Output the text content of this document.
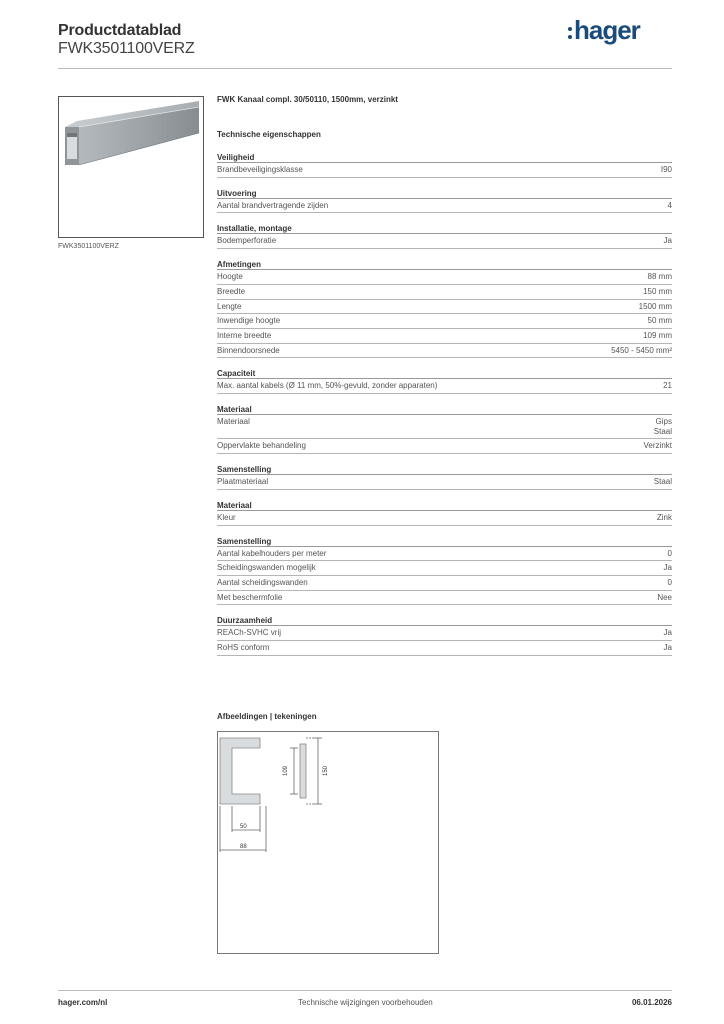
Productdatablad
FWK3501100VERZ
hager
FWK3501100VERZ
FWK Kanaal compl. 30/50110, 1500mm, verzinkt
Technische eigenschappen
Veiligheid
Brandbeveiligingsklasse	I90
Uitvoering
Aantal brandvertragende zijden	4
Installatie, montage
Bodemperforatie	Ja
Afmetingen
Hoogte	88 mm
Breedte	150 mm
Lengte	1500 mm
Inwendige hoogte	50 mm
Interne breedte	109 mm
Binnendoorsnede	5450 - 5450 mm²
Capaciteit
Max. aantal kabels (Ø 11 mm, 50%-gevuld, zonder apparaten)	21
Materiaal
Materiaal	Gips
Staal
Oppervlakte behandeling	Verzinkt
Samenstelling
Plaatmateriaal	Staal
Materiaal
Kleur	Zink
Samenstelling
Aantal kabelhouders per meter	0
Scheidingswanden mogelijk	Ja
Aantal scheidingswanden	0
Met beschermfolie	Nee
Duurzaamheid
REACh-SVHC vrij	Ja
RoHS conform	Ja
Afbeeldingen | tekeningen
50
88
109	150
hager.com/nl	Technische wijzigingen voorbehouden	06.01.2026
